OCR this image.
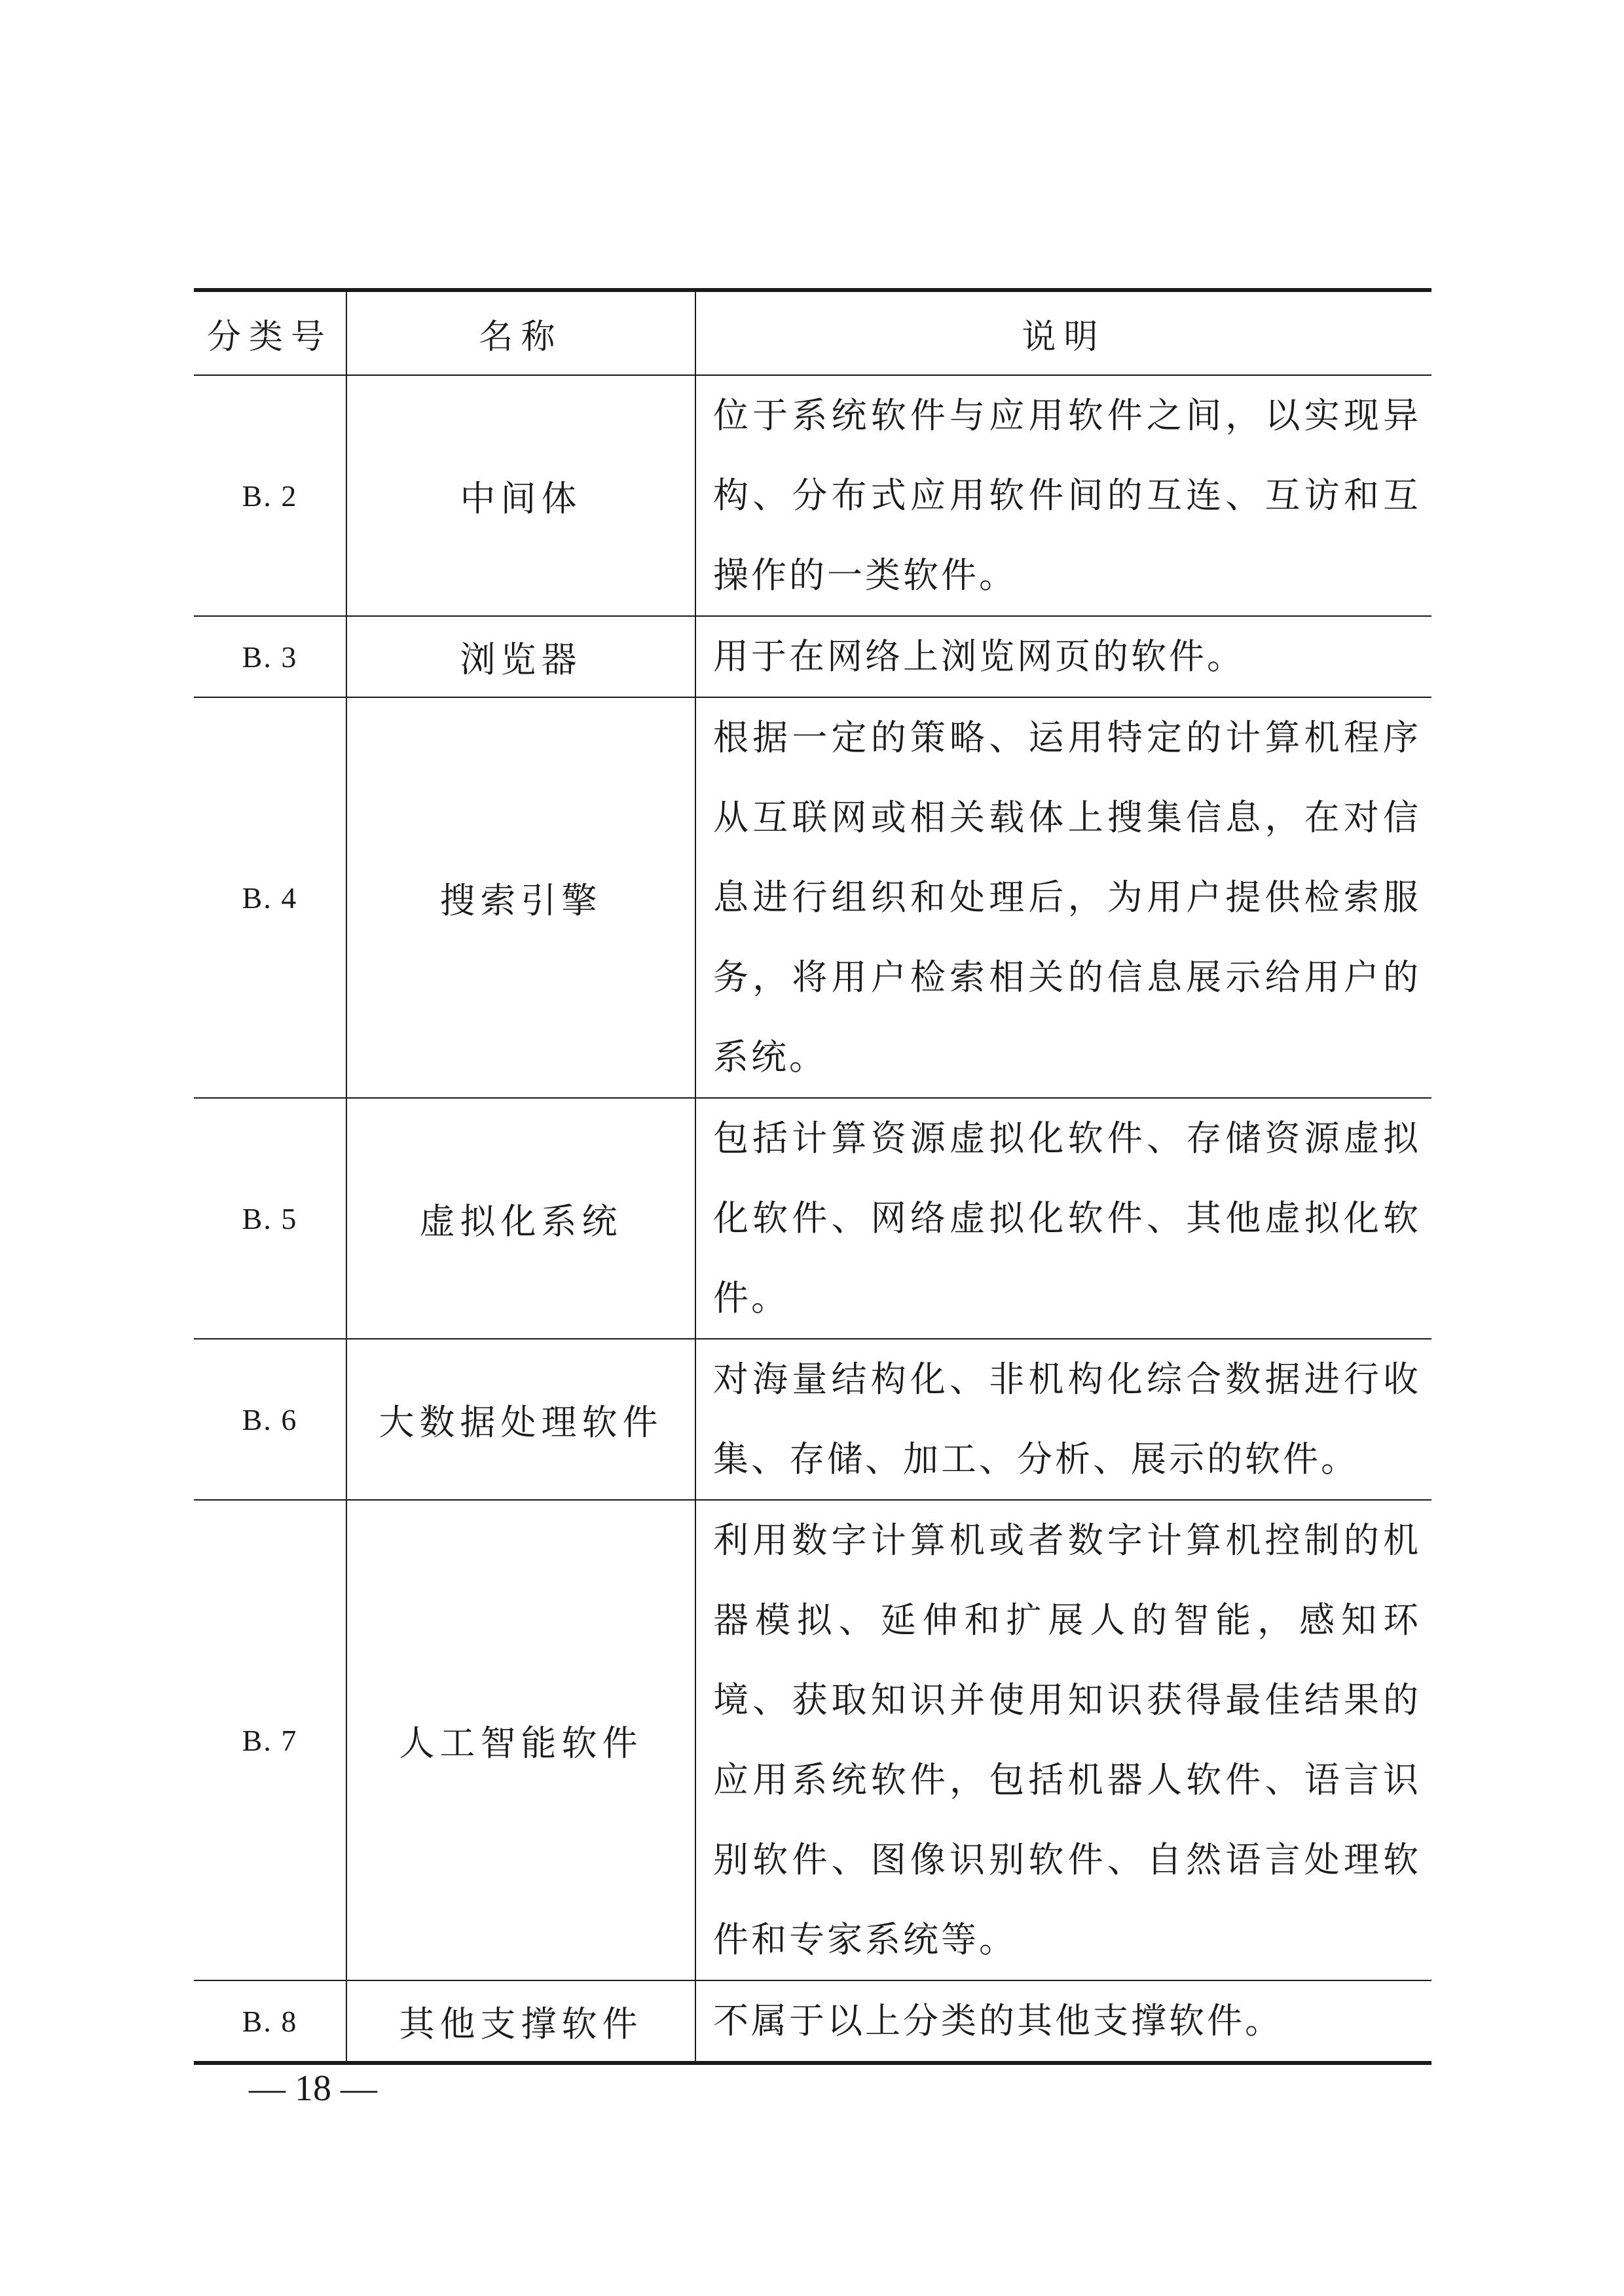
分类号	名称	说明
B. 2	中间体	位于系统软件与应用软件之间，以实现异构、分布式应用软件间的互连、互访和互操作的一类软件。
B. 3	浏览器	用于在网络上浏览网页的软件。
B. 4	搜索引擎	根据一定的策略、运用特定的计算机程序从互联网或相关载体上搜集信息，在对信息进行组织和处理后，为用户提供检索服务，将用户检索相关的信息展示给用户的系统。
B. 5	虚拟化系统	包括计算资源虚拟化软件、存储资源虚拟化软件、网络虚拟化软件、其他虚拟化软件。
B. 6	大数据处理软件	对海量结构化、非机构化综合数据进行收集、存储、加工、分析、展示的软件。
B. 7	人工智能软件	利用数字计算机或者数字计算机控制的机器模拟、延伸和扩展人的智能，感知环境、获取知识并使用知识获得最佳结果的应用系统软件，包括机器人软件、语言识别软件、图像识别软件、自然语言处理软件和专家系统等。
B. 8	其他支撑软件	不属于以上分类的其他支撑软件。
— 18 —
